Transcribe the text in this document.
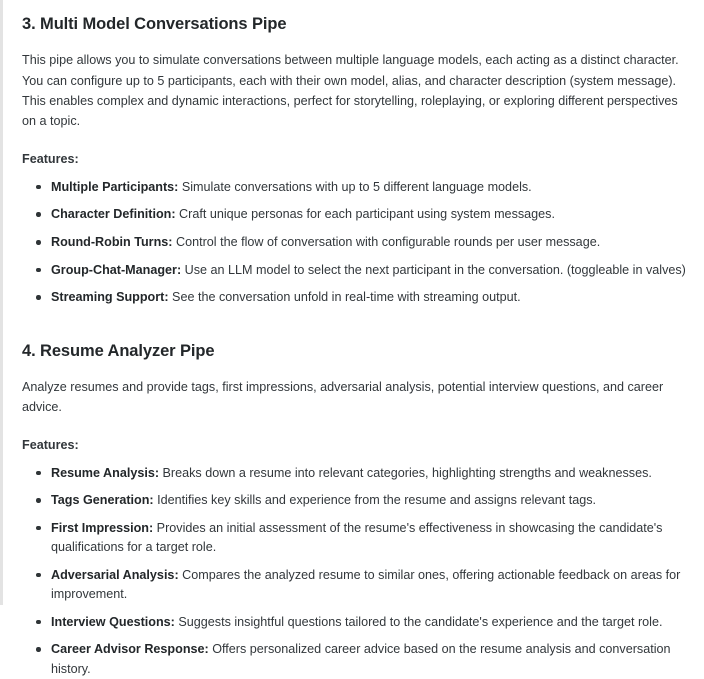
3. Multi Model Conversations Pipe

This pipe allows you to simulate conversations between multiple language models, each acting as a distinct character. You can configure up to 5 participants, each with their own model, alias, and character description (system message). This enables complex and dynamic interactions, perfect for storytelling, roleplaying, or exploring different perspectives on a topic.

Features:

Multiple Participants: Simulate conversations with up to 5 different language models.
Character Definition: Craft unique personas for each participant using system messages.
Round-Robin Turns: Control the flow of conversation with configurable rounds per user message.
Group-Chat-Manager: Use an LLM model to select the next participant in the conversation. (toggleable in valves)
Streaming Support: See the conversation unfold in real-time with streaming output.
4. Resume Analyzer Pipe

Analyze resumes and provide tags, first impressions, adversarial analysis, potential interview questions, and career advice.

Features:

Resume Analysis: Breaks down a resume into relevant categories, highlighting strengths and weaknesses.
Tags Generation: Identifies key skills and experience from the resume and assigns relevant tags.
First Impression: Provides an initial assessment of the resume's effectiveness in showcasing the candidate's qualifications for a target role.
Adversarial Analysis: Compares the analyzed resume to similar ones, offering actionable feedback on areas for improvement.
Interview Questions: Suggests insightful questions tailored to the candidate's experience and the target role.
Career Advisor Response: Offers personalized career advice based on the resume analysis and conversation history.
